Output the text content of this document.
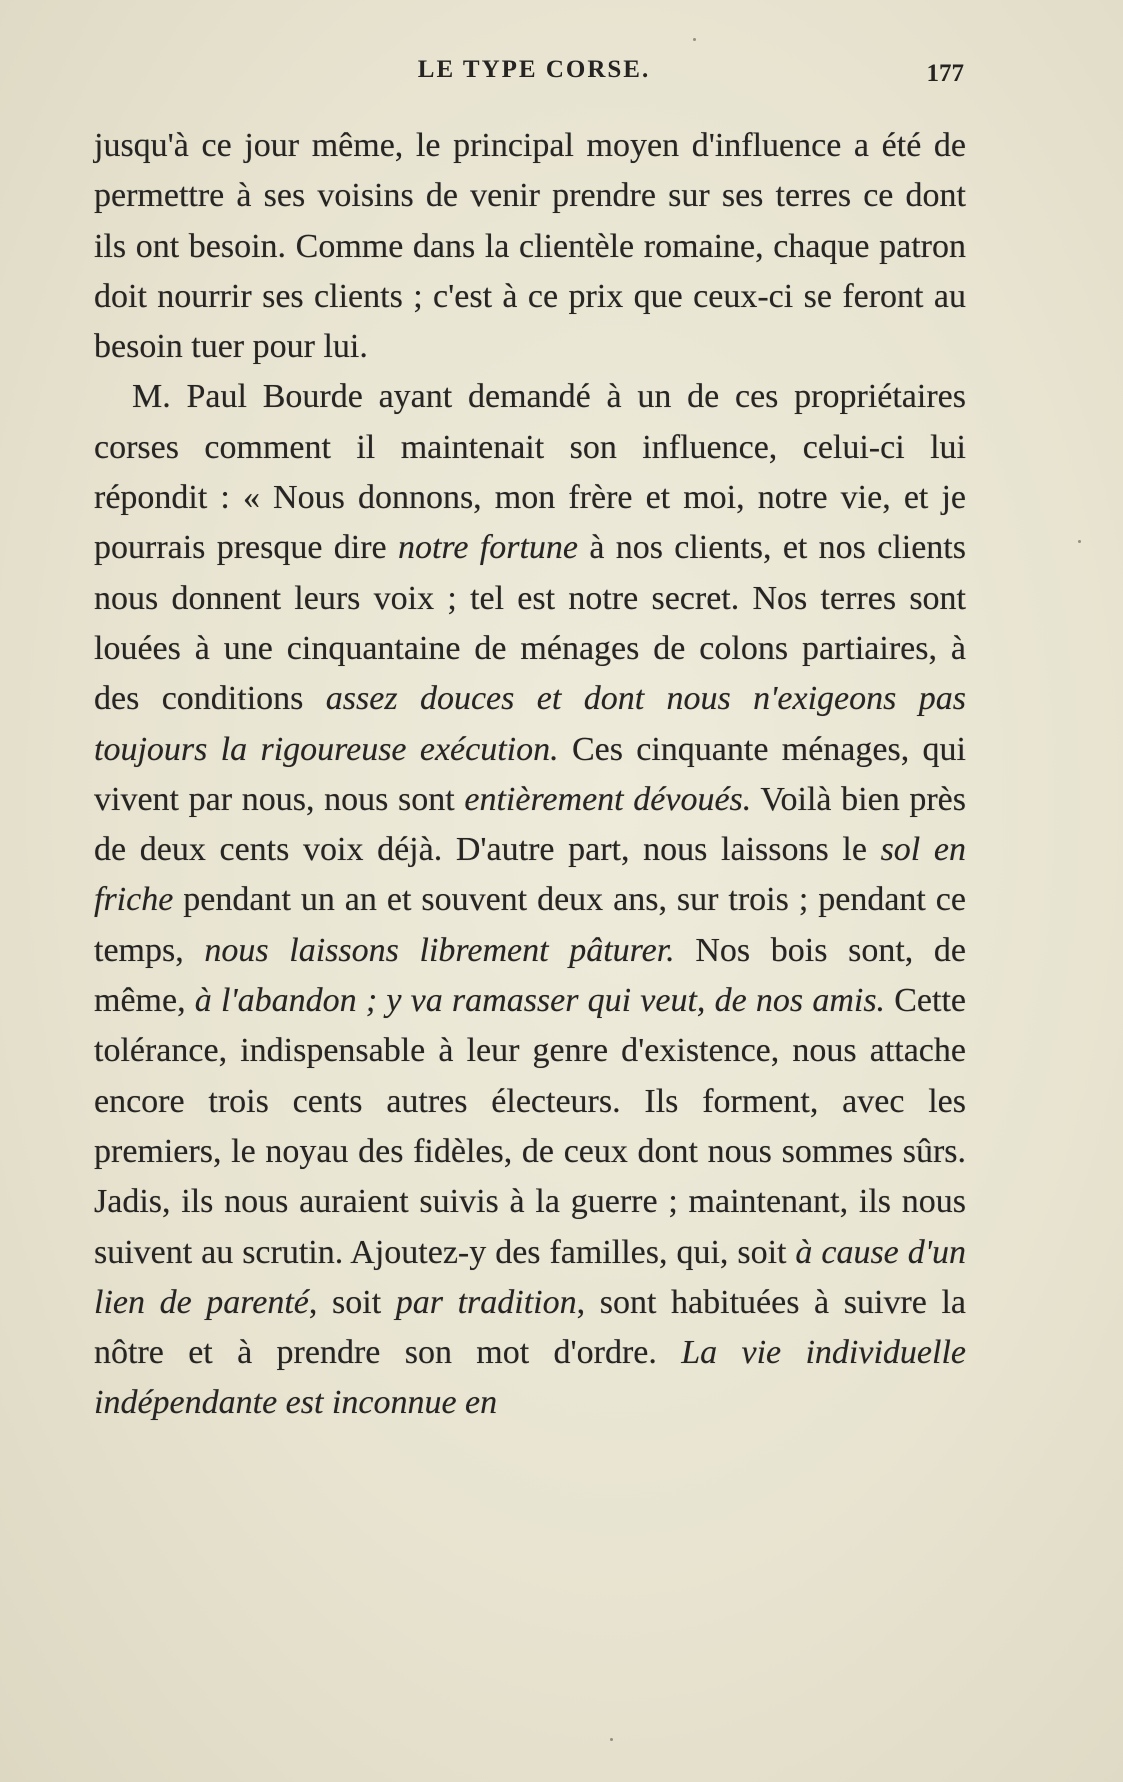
LE TYPE CORSE.	177

jusqu'à ce jour même, le principal moyen d'influence a été de permettre à ses voisins de venir prendre sur ses terres ce dont ils ont besoin. Comme dans la clientèle romaine, chaque patron doit nourrir ses clients ; c'est à ce prix que ceux-ci se feront au besoin tuer pour lui.

M. Paul Bourde ayant demandé à un de ces propriétaires corses comment il maintenait son influence, celui-ci lui répondit : « Nous donnons, mon frère et moi, notre vie, et je pourrais presque dire notre fortune à nos clients, et nos clients nous donnent leurs voix ; tel est notre secret. Nos terres sont louées à une cinquantaine de ménages de colons partiaires, à des conditions assez douces et dont nous n'exigeons pas toujours la rigoureuse exécution. Ces cinquante ménages, qui vivent par nous, nous sont entièrement dévoués. Voilà bien près de deux cents voix déjà. D'autre part, nous laissons le sol en friche pendant un an et souvent deux ans, sur trois ; pendant ce temps, nous laissons librement pâturer. Nos bois sont, de même, à l'abandon ; y va ramasser qui veut, de nos amis. Cette tolérance, indispensable à leur genre d'existence, nous attache encore trois cents autres électeurs. Ils forment, avec les premiers, le noyau des fidèles, de ceux dont nous sommes sûrs. Jadis, ils nous auraient suivis à la guerre ; maintenant, ils nous suivent au scrutin. Ajoutez-y des familles, qui, soit à cause d'un lien de parenté, soit par tradition, sont habituées à suivre la nôtre et à prendre son mot d'ordre. La vie individuelle indépendante est inconnue en
